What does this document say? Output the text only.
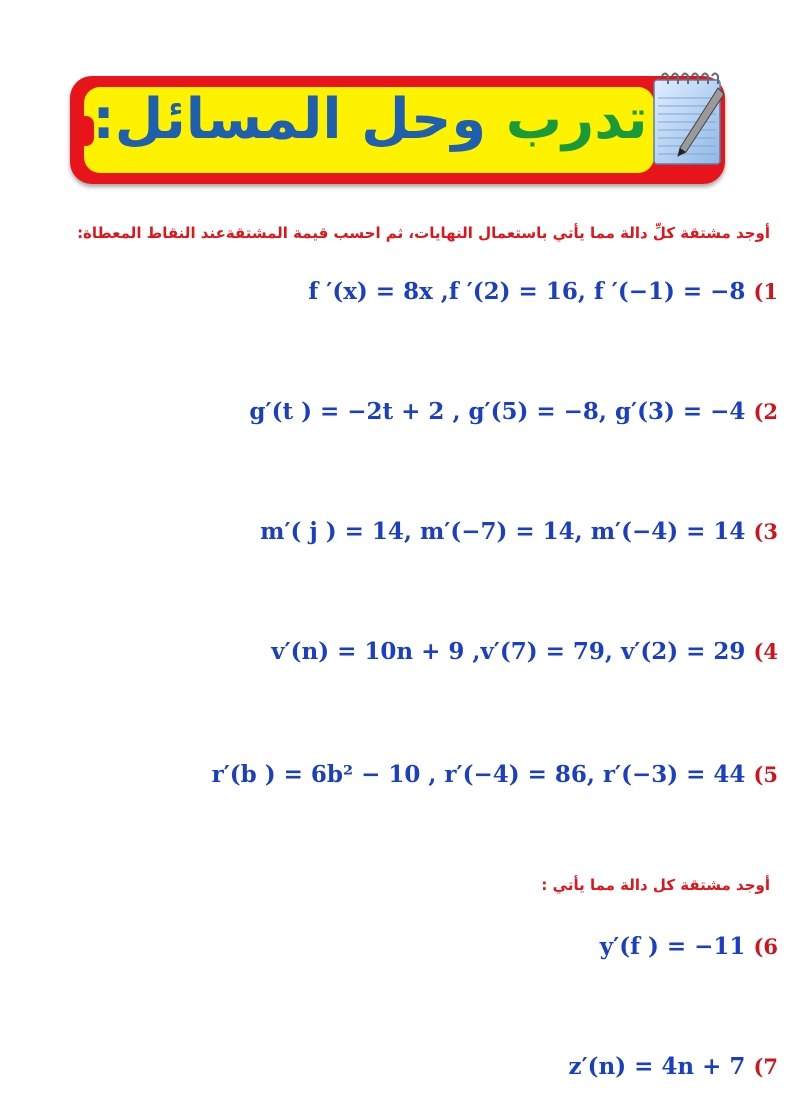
تدرب وحل المسائل:
أوجد مشتقة كلِّ دالة مما يأتي باستعمال النهايات، ثم احسب قيمة المشتقةعند النقاط المعطاة:
(1
f ′(x) = 8x ,f ′(2) = 16, f ′(−1) = −8
(2
g′(t ) = −2t + 2 , g′(5) = −8, g′(3) = −4
(3
m′( j ) = 14, m′(−7) = 14, m′(−4) = 14
(4
v′(n) = 10n + 9 ,v′(7) = 79, v′(2) = 29
(5
r′(b ) = 6b² − 10 , r′(−4) = 86, r′(−3) = 44
أوجد مشتقة كل دالة مما يأتي :
(6
y′(f ) = −11
(7
z′(n) = 4n + 7
